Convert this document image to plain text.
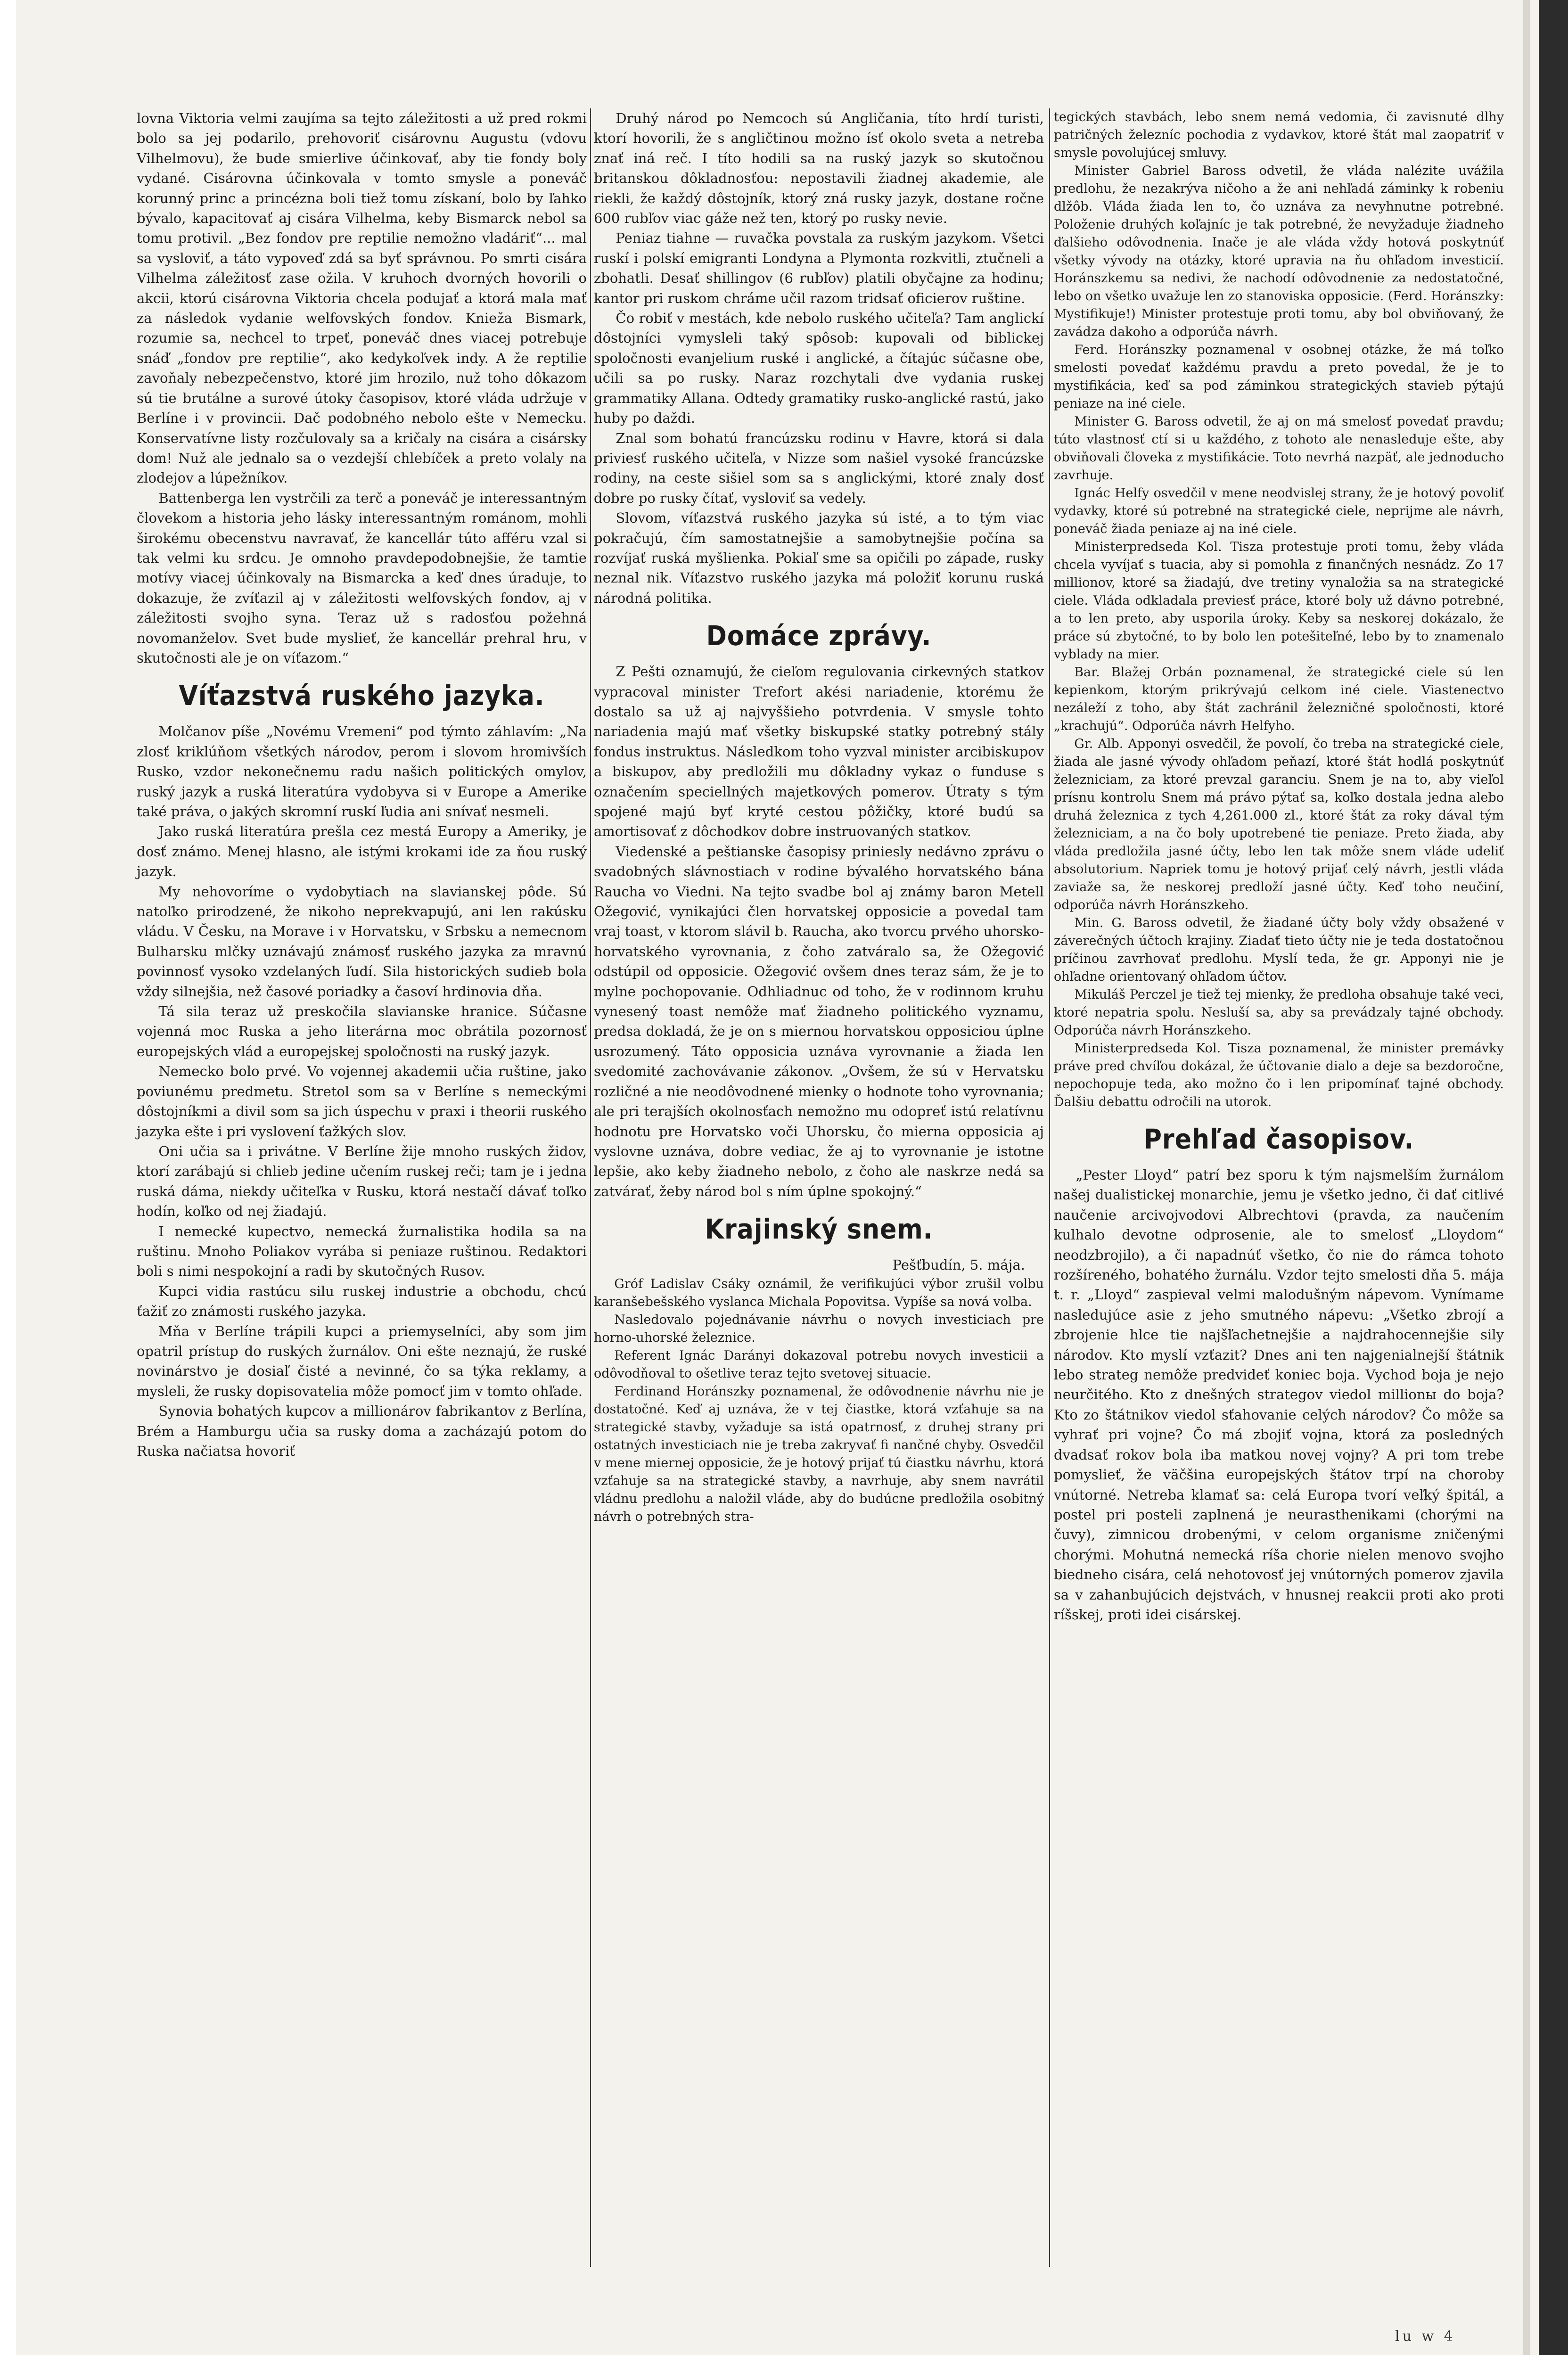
lovna Viktoria velmi zaujíma sa tejto záležitosti a už pred rokmi bolo sa jej podarilo, prehovoriť cisárovnu Augustu (vdovu Vilhelmovu), že bude smierlive účinkovať, aby tie fondy boly vydané. Cisárovna účinkovala v tomto smysle a poneváč korunný princ a princézna boli tiež tomu získaní, bolo by ľahko bývalo, kapacitovať aj cisára Vilhelma, keby Bismarck nebol sa tomu protivil. „Bez fondov pre reptilie nemožno vladáriť“... mal sa vysloviť, a táto vypoveď zdá sa byť správnou. Po smrti cisára Vilhelma záležitosť zase ožila. V kruhoch dvorných hovorili o akcii, ktorú cisárovna Viktoria chcela podujať a ktorá mala mať za následok vydanie welfovských fondov. Knieža Bismark, rozumie sa, nechcel to trpeť, poneváč dnes viacej potrebuje snáď „fondov pre reptilie“, ako kedykoľvek indy. A že reptilie zavoňaly nebezpečenstvo, ktoré jim hrozilo, nuž toho dôkazom sú tie brutálne a surové útoky časopisov, ktoré vláda udržuje v Berlíne i v provincii. Dač podobného nebolo ešte v Nemecku. Konservatívne listy rozčulovaly sa a kričaly na cisára a cisársky dom! Nuž ale jednalo sa o vezdejší chlebíček a preto volaly na zlodejov a lúpežníkov.

Battenberga len vystrčili za terč a poneváč je interessantným človekom a historia jeho lásky interessantným románom, mohli širokému obecenstvu navravať, že kancellár túto afféru vzal si tak velmi ku srdcu. Je omnoho pravdepodobnejšie, že tamtie motívy viacej účinkovaly na Bismarcka a keď dnes úradujе, to dokazuje, že zvíťazil aj v záležitosti welfovských fondov, aj v záležitosti svojho syna. Teraz už s radosťou požehná novomanželov. Svet bude myslieť, že kancellár prehral hru, v skutočnosti ale je on víťazom.“

Víťazstvá ruského jazyka.

Molčanov píše „Novému Vremeni“ pod týmto záhlavím: „Na zlosť kriklúňom všetkých národov, perom i slovom hromivších Rusko, vzdor nekonečnemu radu našich politických omylov, ruský jazyk a ruská literatúra vydobyva si v Europe a Amerike také práva, o jakých skromní ruskí ľudia ani snívať nesmeli.

Jako ruská literatúra prešla cez mestá Europy a Ameriky, je dosť známo. Menej hlasno, ale istými krokami ide za ňou ruský jazyk.

My nehovoríme o vydobytiach na slavianskej pôde. Sú natoľko prirodzené, že nikoho neprekvapujú, ani len rakúsku vládu. V Česku, na Morave i v Horvatsku, v Srbsku a nemecnom Bulharsku mlčky uznávajú známosť ruského jazyka za mravnú povinnosť vysoko vzdelaných ľudí. Sila historických sudieb bola vždy silnejšia, než časové poriadky a časoví hrdinovia dňa.

Tá sila teraz už preskočila slavianske hranice. Súčasne vojenná moc Ruska a jeho literárna moc obrátila pozornosť europejských vlád a europejskej spoločnosti na ruský jazyk.

Nemecko bolo prvé. Vo vojennej akademii učia ruštine, jako poviunému predmetu. Stretol som sa v Berlíne s nemeckými dôstojníkmi a divil som sa jich úspechu v praxi i theorii ruského jazyka ešte i pri vyslovení ťažkých slov.

Oni učia sa i privátne. V Berlíne žije mnoho ruských židov, ktorí zarábajú si chlieb jedine učením ruskej reči; tam je i jedna ruská dáma, niekdy učiteľka v Rusku, ktorá nestačí dávať toľko hodín, koľko od nej žiadajú.

I nemecké kupectvo, nemecká žurnalistika hodila sa na ruštinu. Mnoho Poliakov vyrába si peniaze ruštinou. Redaktori boli s nimi nespokojní a radi by skutočných Rusov.

Kupci vidia rastúcu silu ruskej industrie a obchodu, chcú ťažiť zo známosti ruského jazyka.

Mňa v Berlíne trápili kupci a priemyselníci, aby som jim opatril prístup do ruských žurnálov. Oni ešte neznajú, že ruské novinárstvo je dosiaľ čisté a nevinné, čo sa týka reklamy, a mysleli, že rusky dopisovatelia môže pomocť jim v tomto ohľade.

Synovia bohatých kupcov a millionárov fabrikantov z Berlína, Brém a Hamburgu učia sa rusky doma a zacházajú potom do Ruska načiatsa hovoriť

Druhý národ po Nemcoch sú Angličania, títo hrdí turisti, ktorí hovorili, že s angličtinou možno ísť okolo sveta a netreba znať iná reč. I títo hodili sa na ruský jazyk so skutočnou britanskou dôkladnosťou: nepostavili žiadnej akademie, ale riekli, že každý dôstojník, ktorý zná rusky jazyk, dostane ročne 600 rubľov viac gáže než ten, ktorý po rusky nevie.

Peniaz tiahne — ruvačka povstala za ruským jazykom. Všetci ruskí i polskí emigranti Londyna a Plymonta rozkvitli, ztučneli a zbohatli. Desať shillingov (6 rubľov) platili obyčajne za hodinu; kantor pri ruskom chráme učil razom tridsať oficierov ruštine.

Čo robiť v mestách, kde nebolo ruského učiteľa? Tam anglickí dôstojníci vymysleli taký spôsob: kupovali od biblickej spoločnosti evanjelium ruské i anglické, a čítajúc súčasne obe, učili sa po rusky. Naraz rozchytali dve vydania ruskej grammatiky Allana. Odtedy gramatiky rusko-anglické rastú, jako huby po daždi.

Znal som bohatú francúzsku rodinu v Havre, ktorá si dala priviesť ruského učiteľa, v Nizze som našiel vysoké francúzske rodiny, na ceste sišiel som sa s anglickými, ktoré znaly dosť dobre po rusky čítať, vysloviť sa vedely.

Slovom, víťazstvá ruského jazyka sú isté, a to tým viac pokračujú, čím samostatnejšie a samobytnejšie počína sa rozvíjať ruská myšlienka. Pokiaľ sme sa opičili po západe, rusky neznal nik. Víťazstvo ruského jazyka má položiť korunu ruská národná politika.

Domáce zprávy.

Z Pešti oznamujú, že cieľom regulovania cirkevných statkov vypracoval minister Trefort akési nariadenie, ktorému že dostalo sa už aj najvyššieho potvrdenia. V smysle tohto nariadenia majú mať všetky biskupské statky potrebný stály fondus instruktus. Následkom toho vyzval minister arcibiskupov a biskupov, aby predložili mu dôkladny vykaz o funduse s označením speciellných majetkových pomerov. Útraty s tým spojené majú byť kryté cestou pôžičky, ktoré budú sa amortisovať z dôchodkov dobre instruovaných statkov.

Viedenské a peštianske časopisy priniesly nedávno zprávu o svadobných slávnostiach v rodine bývalého horvatského bána Raucha vo Viedni. Na tejto svadbe bol aj známy baron Metell Ožegović, vynikajúci člen horvatskej opposicie a povedal tam vraj toast, v ktorom slávil b. Raucha, ako tvorcu prvého uhorsko-horvatského vyrovnania, z čoho zatváralo sa, že Ožegović odstúpil od opposicie. Ožegović ovšem dnes teraz sám, že je to mylne pochopovanie. Odhliadnuc od toho, že v rodinnom kruhu vynesený toast nemôže mať žiadneho politického vyznamu, predsa dokladá, že je on s miernou horvatskou opposiciou úplne usrozumený. Táto opposicia uznáva vyrovnanie a žiada len svedomité zachovávanie zákonov. „Ovšem, že sú v Hervatsku rozličné a nie neodôvodnené mienky o hodnote toho vyrovnania; ale pri terajších okolnosťach nemožno mu odopreť istú relatívnu hodnotu pre Horvatsko voči Uhorsku, čo mierna opposicia aj vyslovne uznáva, dobre vediac, že aj to vyrovnanie je istotne lepšie, ako keby žiadneho nebolo, z čoho ale naskrze nedá sa zatvárať, žeby národ bol s ním úplne spokojný.“

Krajinský snem.
Pešťbudín, 5. mája.

Gróf Ladislav Csáky oznámil, že verifikujúci výbor zrušil volbu karanšebešského vyslanca Michala Popovitsa. Vypíše sa nová volba.

Nasledovalo pojednávanie návrhu o novych investiciach pre horno-uhorské železnice.

Referent Ignác Darányi dokazoval potrebu novych investicii a odôvodňoval to ošetlive teraz tejto svetovej situacie.

Ferdinand Horánszky poznamenal, že odôvodnenie návrhu nie je dostatočné. Keď aj uznáva, že v tej čiastke, ktorá vzťahuje sa na strategické stavby, vyžaduje sa istá opatrnosť, z druhej strany pri ostatných investiciach nie je treba zakryvať fi nančné chyby. Osvedčil v mene miernej opposicie, že je hotový prijať tú čiastku návrhu, ktorá vzťahuje sa na strategické stavby, a navrhuje, aby snem navrátil vládnu predlohu a naložil vláde, aby do budúcne predložila osobitný návrh o potrebných stra-

tegických stavbách, lebo snem nemá vedomia, či zavisnuté dlhy patričných železníc pochodia z vydavkov, ktoré štát mal zaopatriť v smysle povolujúcej smluvy.

Minister Gabriel Baross odvetil, že vláda nalézite uvážila predlohu, že nezakrýva ničoho a že ani nehľadá záminky k robeniu dlžôb. Vláda žiada len to, čo uznáva za nevyhnutne potrebné. Položenie druhých koľajníc je tak potrebné, že nevyžaduje žiadneho ďalšieho odôvodnenia. Inače je ale vláda vždy hotová poskytnúť všetky vývody na otázky, ktoré upravia na ňu ohľadom investicií. Horánszkemu sa nedivi, že nachodí odôvodnenie za nedostatočné, lebo on všetko uvažuje len zo stanoviska opposicie. (Ferd. Horánszky: Mystifikuje!) Minister protestuje proti tomu, aby bol obviňovaný, že zavádza dakoho a odporúča návrh.

Ferd. Horánszky poznamenal v osobnej otázke, že má toľko smelosti povedať každému pravdu a preto povedal, že je to mystifikácia, keď sa pod záminkou strategických stavieb pýtajú peniaze na iné ciele.

Minister G. Baross odvetil, že aj on má smelosť povedať pravdu; túto vlastnosť ctí si u každého, z tohoto ale nenasleduje ešte, aby obviňovali človeka z mystifikácie. Toto nevrhá nazpäť, ale jednoducho zavrhuje.

Ignác Helfy osvedčil v mene neodvislej strany, že je hotový povoliť vydavky, ktoré sú potrebné na strategické ciele, neprijme ale návrh, poneváč žiada peniaze aj na iné ciele.

Ministerpredseda Kol. Tisza protestuje proti tomu, žeby vláda chcela vyvíjať s tuacia, aby si pomohla z finančných nesnádz. Zo 17 millionov, ktoré sa žiadajú, dve tretiny vynaložia sa na strategické ciele. Vláda odkladala previesť práce, ktoré boly už dávno potrebné, a to len preto, aby usporila úroky. Keby sa neskorej dokázalo, že práce sú zbytočné, to by bolo len potešiteľné, lebo by to znamenalo vyblady na mier.

Bar. Blažej Orbán poznamenal, že strategické ciele sú len kepienkom, ktorým prikrývajú celkom iné ciele. Viastenectvo nezáleží z toho, aby štát zachránil železničné spoločnosti, ktoré „krachujú“. Odporúča návrh Helfyho.

Gr. Alb. Apponyi osvedčil, že povolí, čo treba na strategické ciele, žiada ale jasné vývody ohľadom peňazí, ktoré štát hodlá poskytnúť železniciam, za ktoré prevzal garanciu. Snem je na to, aby vieľol prísnu kontrolu Snem má právo pýtať sa, koľko dostala jedna alebo druhá železnica z tych 4,261.000 zl., ktoré štát za roky dával tým železniciam, a na čo boly upotrebené tie peniaze. Preto žiada, aby vláda predložila jasné účty, lebo len tak môže snem vláde udeliť absolutorium. Napriek tomu je hotový prijať celý návrh, jestli vláda zaviaže sa, že neskorej predloží jasné účty. Keď toho neučiní, odporúča návrh Horánszkeho.

Min. G. Baross odvetil, že žiadané účty boly vždy obsažené v záverečných účtoch krajiny. Ziadať tieto účty nie je teda dostatočnou príčinou zavrhovať predlohu. Myslí teda, že gr. Apponyi nie je ohľadne orientovaný ohľadom účtov.

Mikuláš Perczel je tiež tej mienky, že predloha obsahuje také veci, ktoré nepatria spolu. Nesluší sa, aby sa prevádzaly tajné obchody. Odporúča návrh Horánszkeho.

Ministerpredseda Kol. Tisza poznamenal, že minister premávky práve pred chvíľou dokázal, že účtovanie dialo a deje sa bezdoročne, nepochopuje teda, ako možno čo i len pripomínať tajné obchody. Ďalšiu debattu odročili na utorok.

Prehľad časopisov.

„Pester Lloyd“ patrí bez sporu k tým najsmelším žurnálom našej dualistickej monarchie, jemu je všetko jedno, či dať citlivé naučenie arcivojvodovi Albrechtovi (pravda, za naučením kulhalo devotne odprosenie, ale to smelosť „Lloydom“ neodzbrojilo), a či napadnúť všetko, čo nie do rámca tohoto rozšíreného, bohatého žurnálu. Vzdor tejto smelosti dňa 5. mája t. r. „Lloyd“ zaspieval velmi malodušným nápevom. Vynímame nasledujúce asie z jeho smutného nápevu: „Všetko zbrojí a zbrojenie hlce tie najšľachetnejšie a najdrahocennejšie sily národov. Kto myslí vzťazit? Dnes ani ten najgenialnejší štátnik lebo strateg nemôže predvideť koniec boja. Vychod boja je nejo neurčitého. Kto z dnešných strategov viedol millionы do boja? Kto zo štátnikov viedol sťahovanie celých národov? Čo môže sa vyhrať pri vojne? Čo má zbojiť vojna, ktorá za posledných dvadsať rokov bola iba matkou novej vojny? A pri tom trebe pomyslieť, že väčšina europejských štátov trpí na choroby vnútorné. Netreba klamať sa: celá Europa tvorí veľký špitál, a postel pri posteli zaplnená je neurasthenikami (chorými na čuvy), zimnicou drobenými, v celom organisme zničenými chorými. Mohutná nemecká ríša chorie nielen menovo svojho biedneho cisára, celá nehotovosť jej vnútorných pomerov zjavila sa v zahanbujúcich dejstvách, v hnusnej reakcii proti ako proti ríšskej, proti idei cisárskej.

lu w 4
